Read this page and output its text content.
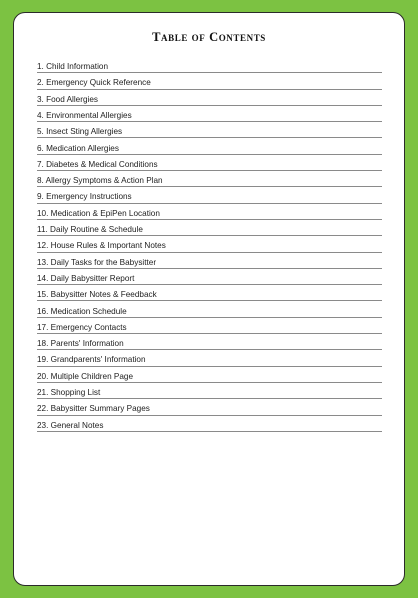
Table of Contents
1. Child Information
2. Emergency Quick Reference
3. Food Allergies
4. Environmental Allergies
5. Insect Sting Allergies
6. Medication Allergies
7. Diabetes & Medical Conditions
8. Allergy Symptoms & Action Plan
9. Emergency Instructions
10. Medication & EpiPen Location
11. Daily Routine & Schedule
12. House Rules & Important Notes
13. Daily Tasks for the Babysitter
14. Daily Babysitter Report
15. Babysitter Notes & Feedback
16. Medication Schedule
17. Emergency Contacts
18. Parents' Information
19. Grandparents' Information
20. Multiple Children Page
21. Shopping List
22. Babysitter Summary Pages
23. General Notes
